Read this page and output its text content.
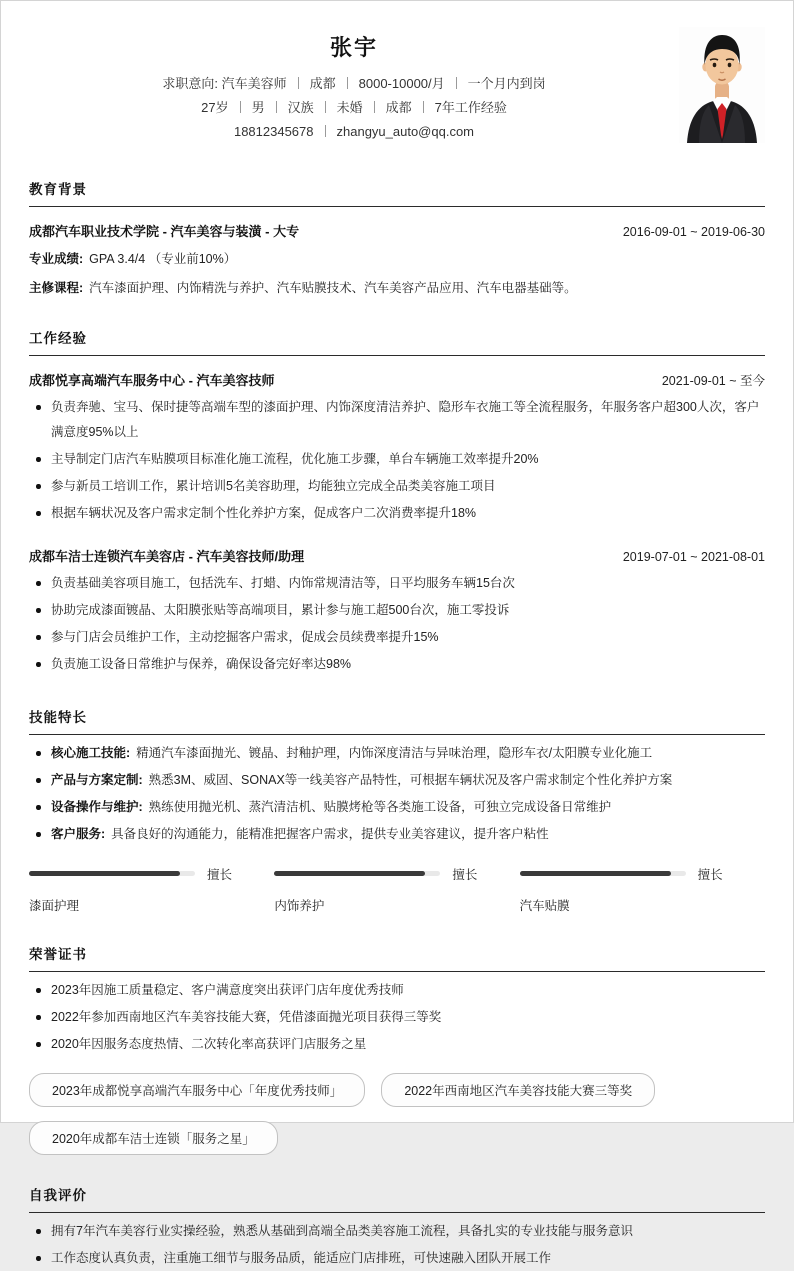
张宇
求职意向: 汽车美容师 成都 8000-10000/月 一个月内到岗
27岁 男 汉族 未婚 成都 7年工作经验
18812345678 zhangyu_auto@qq.com
教育背景
成都汽车职业技术学院 - 汽车美容与装潢 - 大专	2016-09-01 ~ 2019-06-30
专业成绩: GPA 3.4/4 （专业前10%）
主修课程: 汽车漆面护理、内饰精洗与养护、汽车贴膜技术、汽车美容产品应用、汽车电器基础等。
工作经验
成都悦享高端汽车服务中心 - 汽车美容技师	2021-09-01 ~ 至今
负责奔驰、宝马、保时捷等高端车型的漆面护理、内饰深度清洁养护、隐形车衣施工等全流程服务，年服务客户超300人次，客户满意度95%以上
主导制定门店汽车贴膜项目标准化施工流程，优化施工步骤，单台车辆施工效率提升20%
参与新员工培训工作，累计培训5名美容助理，均能独立完成全品类美容施工项目
根据车辆状况及客户需求定制个性化养护方案，促成客户二次消费率提升18%
成都车洁士连锁汽车美容店 - 汽车美容技师/助理	2019-07-01 ~ 2021-08-01
负责基础美容项目施工，包括洗车、打蜡、内饰常规清洁等，日平均服务车辆15台次
协助完成漆面镀晶、太阳膜张贴等高端项目，累计参与施工超500台次，施工零投诉
参与门店会员维护工作，主动挖掘客户需求，促成会员续费率提升15%
负责施工设备日常维护与保养，确保设备完好率达98%
技能特长
核心施工技能: 精通汽车漆面抛光、镀晶、封釉护理，内饰深度清洁与异味治理，隐形车衣/太阳膜专业化施工
产品与方案定制: 熟悉3M、威固、SONAX等一线美容产品特性，可根据车辆状况及客户需求制定个性化养护方案
设备操作与维护: 熟练使用抛光机、蒸汽清洁机、贴膜烤枪等各类施工设备，可独立完成设备日常维护
客户服务: 具备良好的沟通能力，能精准把握客户需求，提供专业美容建议，提升客户粘性
擅长
漆面护理
擅长
内饰养护
擅长
汽车贴膜
荣誉证书
2023年因施工质量稳定、客户满意度突出获评门店年度优秀技师
2022年参加西南地区汽车美容技能大赛，凭借漆面抛光项目获得三等奖
2020年因服务态度热情、二次转化率高获评门店服务之星
2023年成都悦享高端汽车服务中心「年度优秀技师」	2022年西南地区汽车美容技能大赛三等奖
2020年成都车洁士连锁「服务之星」
自我评价
拥有7年汽车美容行业实操经验，熟悉从基础到高端全品类美容施工流程，具备扎实的专业技能与服务意识
工作态度认真负责，注重施工细节与服务品质，能适应门店排班，可快速融入团队开展工作
